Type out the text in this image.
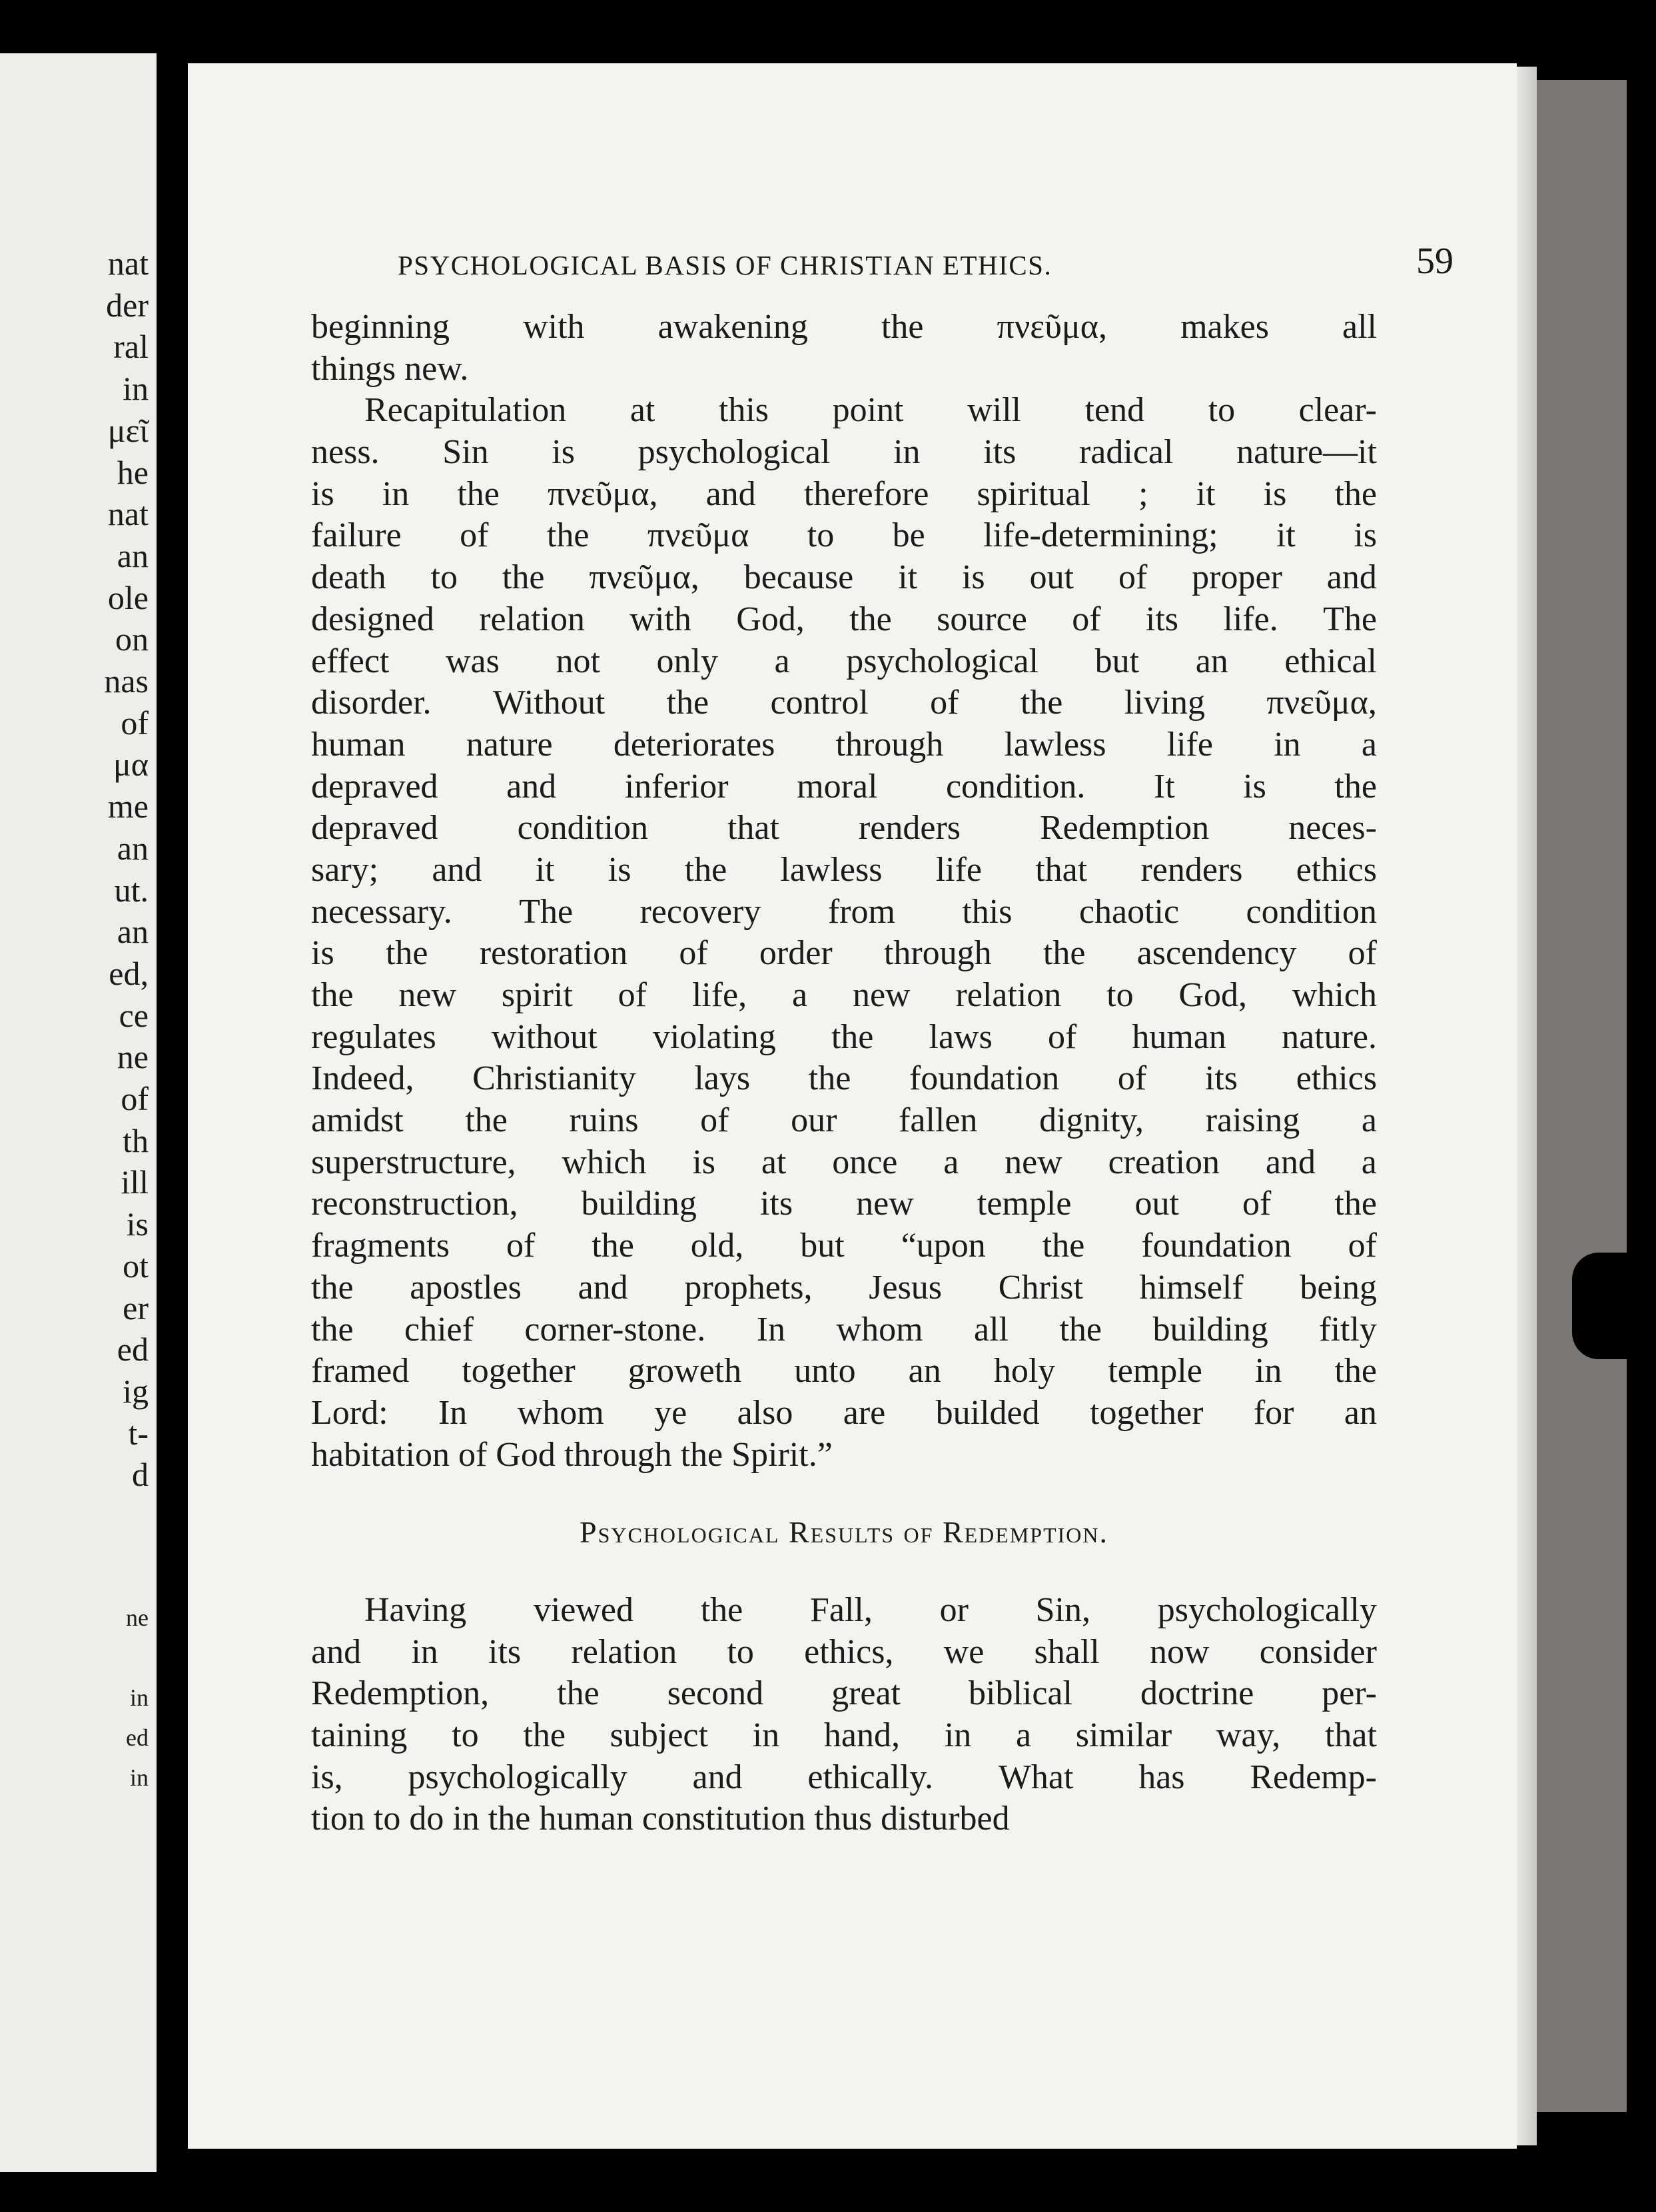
nat
der
ral
in
μεῖ
he
nat
an
ole
on
nas
of
μα
me
an
ut.
an
ed,
ce
ne
of
th
ill
is
ot
er
ed
ig
t-
d
ne
in
ed
in
PSYCHOLOGICAL BASIS OF CHRISTIAN ETHICS.	59
beginning with awakening the πνεῦμα, makes all
things new.
Recapitulation at this point will tend to clear-
ness. Sin is psychological in its radical nature—it
is in the πνεῦμα, and therefore spiritual ; it is the
failure of the πνεῦμα to be life-determining; it is
death to the πνεῦμα, because it is out of proper and
designed relation with God, the source of its life. The
effect was not only a psychological but an ethical
disorder. Without the control of the living πνεῦμα,
human nature deteriorates through lawless life in a
depraved and inferior moral condition. It is the
depraved condition that renders Redemption neces-
sary; and it is the lawless life that renders ethics
necessary. The recovery from this chaotic condition
is the restoration of order through the ascendency of
the new spirit of life, a new relation to God, which
regulates without violating the laws of human nature.
Indeed, Christianity lays the foundation of its ethics
amidst the ruins of our fallen dignity, raising a
superstructure, which is at once a new creation and a
reconstruction, building its new temple out of the
fragments of the old, but “upon the foundation of
the apostles and prophets, Jesus Christ himself being
the chief corner-stone. In whom all the building fitly
framed together groweth unto an holy temple in the
Lord: In whom ye also are builded together for an
habitation of God through the Spirit.”
Psychological Results of Redemption.
Having viewed the Fall, or Sin, psychologically
and in its relation to ethics, we shall now consider
Redemption, the second great biblical doctrine per-
taining to the subject in hand, in a similar way, that
is, psychologically and ethically. What has Redemp-
tion to do in the human constitution thus disturbed
